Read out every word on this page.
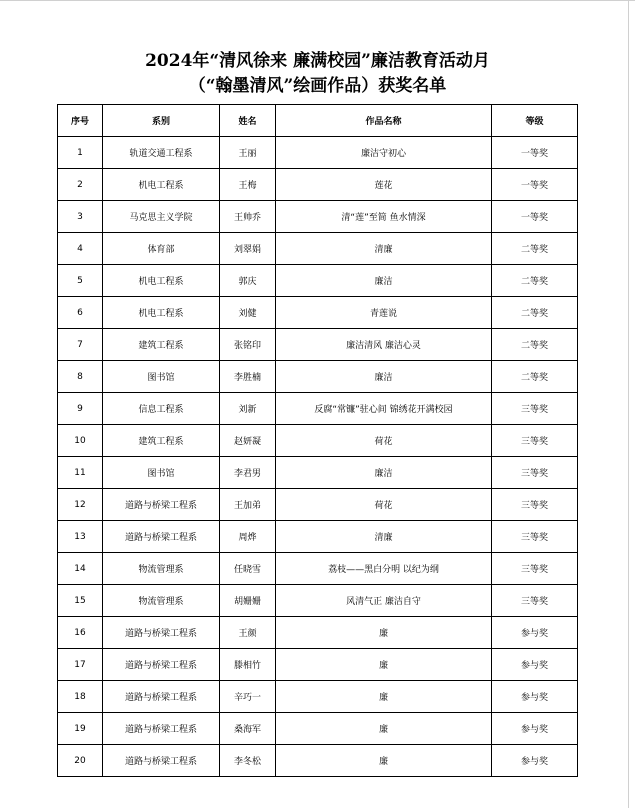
2024年“清风徐来 廉满校园”廉洁教育活动月
（“翰墨清风”绘画作品）获奖名单
序号	系别	姓名	作品名称	等级
1	轨道交通工程系	王丽	廉洁守初心	一等奖
2	机电工程系	王梅	莲花	一等奖
3	马克思主义学院	王帅乔	清“莲”至简 鱼水情深	一等奖
4	体育部	刘翠娟	清廉	二等奖
5	机电工程系	郭庆	廉洁	二等奖
6	机电工程系	刘健	青莲说	二等奖
7	建筑工程系	张铭印	廉洁清风 廉洁心灵	二等奖
8	图书馆	李胜楠	廉洁	二等奖
9	信息工程系	刘新	反腐“常镰”驻心间 锦绣花开满校园	三等奖
10	建筑工程系	赵妍凝	荷花	三等奖
11	图书馆	李君男	廉洁	三等奖
12	道路与桥梁工程系	王加弟	荷花	三等奖
13	道路与桥梁工程系	周烨	清廉	三等奖
14	物流管理系	任晓雪	荔枝——黑白分明 以纪为纲	三等奖
15	物流管理系	胡姗姗	风清气正 廉洁自守	三等奖
16	道路与桥梁工程系	王颜	廉	参与奖
17	道路与桥梁工程系	滕相竹	廉	参与奖
18	道路与桥梁工程系	辛巧一	廉	参与奖
19	道路与桥梁工程系	桑海军	廉	参与奖
20	道路与桥梁工程系	李冬松	廉	参与奖
